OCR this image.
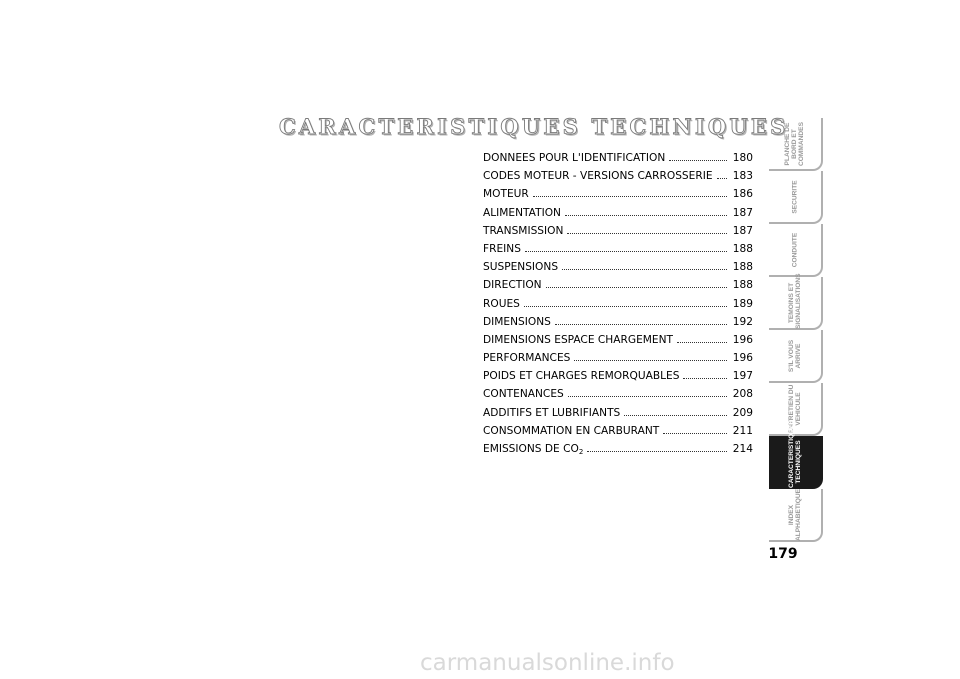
CARACTERISTIQUES TECHNIQUES
DONNEES POUR L'IDENTIFICATION	180
CODES MOTEUR - VERSIONS CARROSSERIE 183
MOTEUR	186
ALIMENTATION	187
TRANSMISSION	187
FREINS	188
SUSPENSIONS	188
DIRECTION	188
ROUES	189
DIMENSIONS	192
DIMENSIONS ESPACE CHARGEMENT	196
PERFORMANCES	196
POIDS ET CHARGES REMORQUABLES	197
CONTENANCES	208
ADDITIFS ET LUBRIFIANTS	209
CONSOMMATION EN CARBURANT	211
EMISSIONS DE $CO_2$	214
PLANCHE DE
BORD ET
COMMANDES
SECURITE
CONDUITE
TEMOINS ET
SIGNALISATIONS
S'IL VOUS
ARRIVE
ENTRETIEN DU
VEHICULE
CARACTERISTIQUES
TECHNIQUES
INDEX
ALPHABETIQUE
179
carmanualsonline.info
